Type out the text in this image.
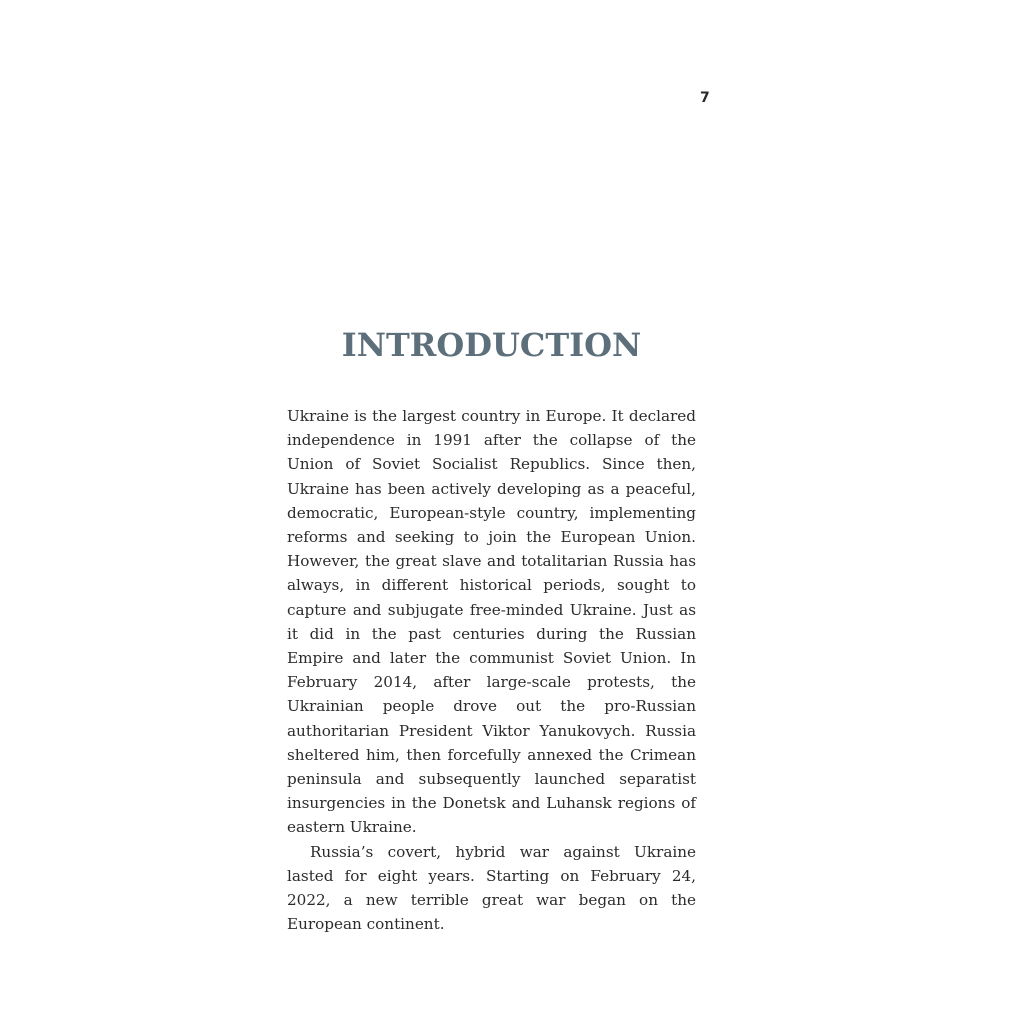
7
INTRODUCTION

Ukraine is the largest country in Europe. It declared independence in 1991 after the collapse of the Union of Soviet Socialist Republics. Since then, Ukraine has been actively developing as a peaceful, democratic, European-style country, implementing reforms and seeking to join the European Union. However, the great slave and totalitarian Russia has always, in different historical periods, sought to capture and subjugate free-minded Ukraine. Just as it did in the past centuries during the Russian Empire and later the communist Soviet Union. In February 2014, after large-scale protests, the Ukrainian people drove out the pro-Russian authoritarian President Viktor Yanukovych. Russia sheltered him, then forcefully annexed the Crimean peninsula and subsequently launched separatist insurgencies in the Donetsk and Luhansk regions of eastern Ukraine.

Russia’s covert, hybrid war against Ukraine lasted for eight years. Starting on February 24, 2022, a new terrible great war began on the European continent.
